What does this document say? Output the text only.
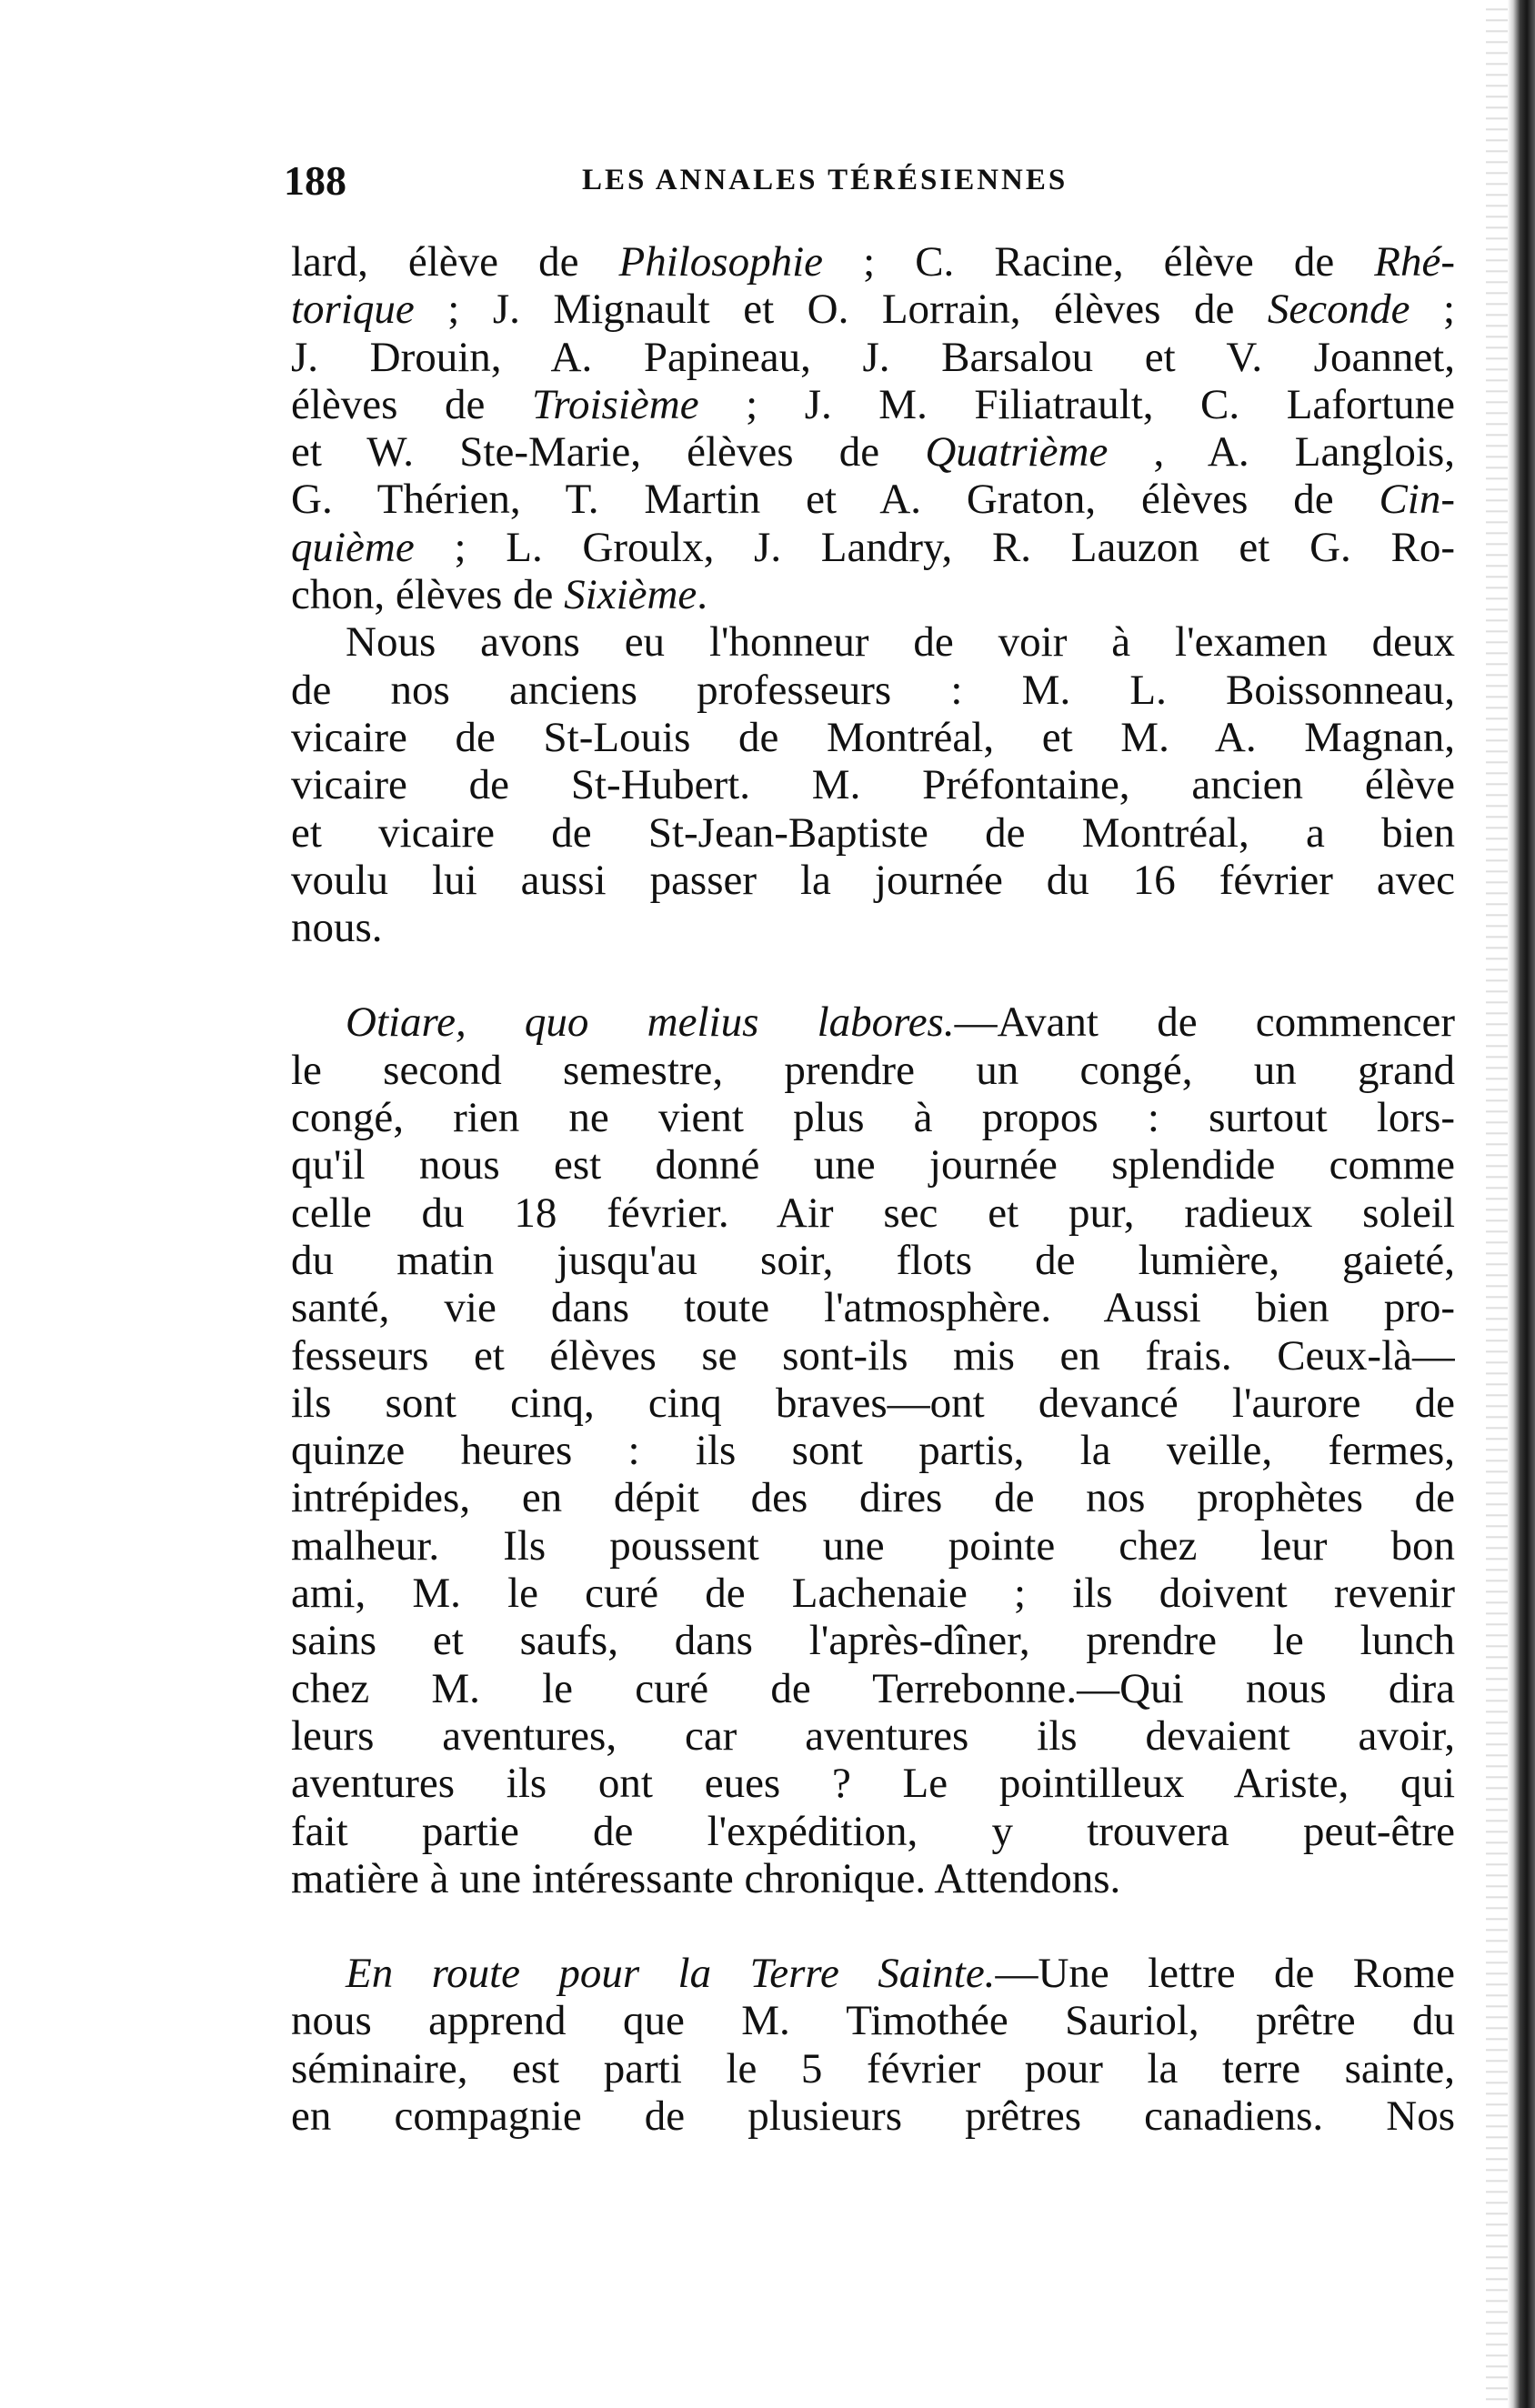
188	LES ANNALES TÉRÉSIENNES
lard, élève de Philosophie ; C. Racine, élève de Rhé-
torique ; J. Mignault et O. Lorrain, élèves de Seconde ;
J. Drouin, A. Papineau, J. Barsalou et V. Joannet,
élèves de Troisième ; J. M. Filiatrault, C. Lafortune
et W. Ste-Marie, élèves de Quatrième , A. Langlois,
G. Thérien, T. Martin et A. Graton, élèves de Cin-
quième ; L. Groulx, J. Landry, R. Lauzon et G. Ro-
chon, élèves de Sixième.
Nous avons eu l'honneur de voir à l'examen deux
de nos anciens professeurs : M. L. Boissonneau,
vicaire de St-Louis de Montréal, et M. A. Magnan,
vicaire de St-Hubert. M. Préfontaine, ancien élève
et vicaire de St-Jean-Baptiste de Montréal, a bien
voulu lui aussi passer la journée du 16 février avec
nous.
Otiare, quo melius labores.—Avant de commencer
le second semestre, prendre un congé, un grand
congé, rien ne vient plus à propos : surtout lors-
qu'il nous est donné une journée splendide comme
celle du 18 février. Air sec et pur, radieux soleil
du matin jusqu'au soir, flots de lumière, gaieté,
santé, vie dans toute l'atmosphère. Aussi bien pro-
fesseurs et élèves se sont-ils mis en frais. Ceux-là—
ils sont cinq, cinq braves—ont devancé l'aurore de
quinze heures : ils sont partis, la veille, fermes,
intrépides, en dépit des dires de nos prophètes de
malheur. Ils poussent une pointe chez leur bon
ami, M. le curé de Lachenaie ; ils doivent revenir
sains et saufs, dans l'après-dîner, prendre le lunch
chez M. le curé de Terrebonne.—Qui nous dira
leurs aventures, car aventures ils devaient avoir,
aventures ils ont eues ? Le pointilleux Ariste, qui
fait partie de l'expédition, y trouvera peut-être
matière à une intéressante chronique. Attendons.
En route pour la Terre Sainte.—Une lettre de Rome
nous apprend que M. Timothée Sauriol, prêtre du
séminaire, est parti le 5 février pour la terre sainte,
en compagnie de plusieurs prêtres canadiens. Nos
